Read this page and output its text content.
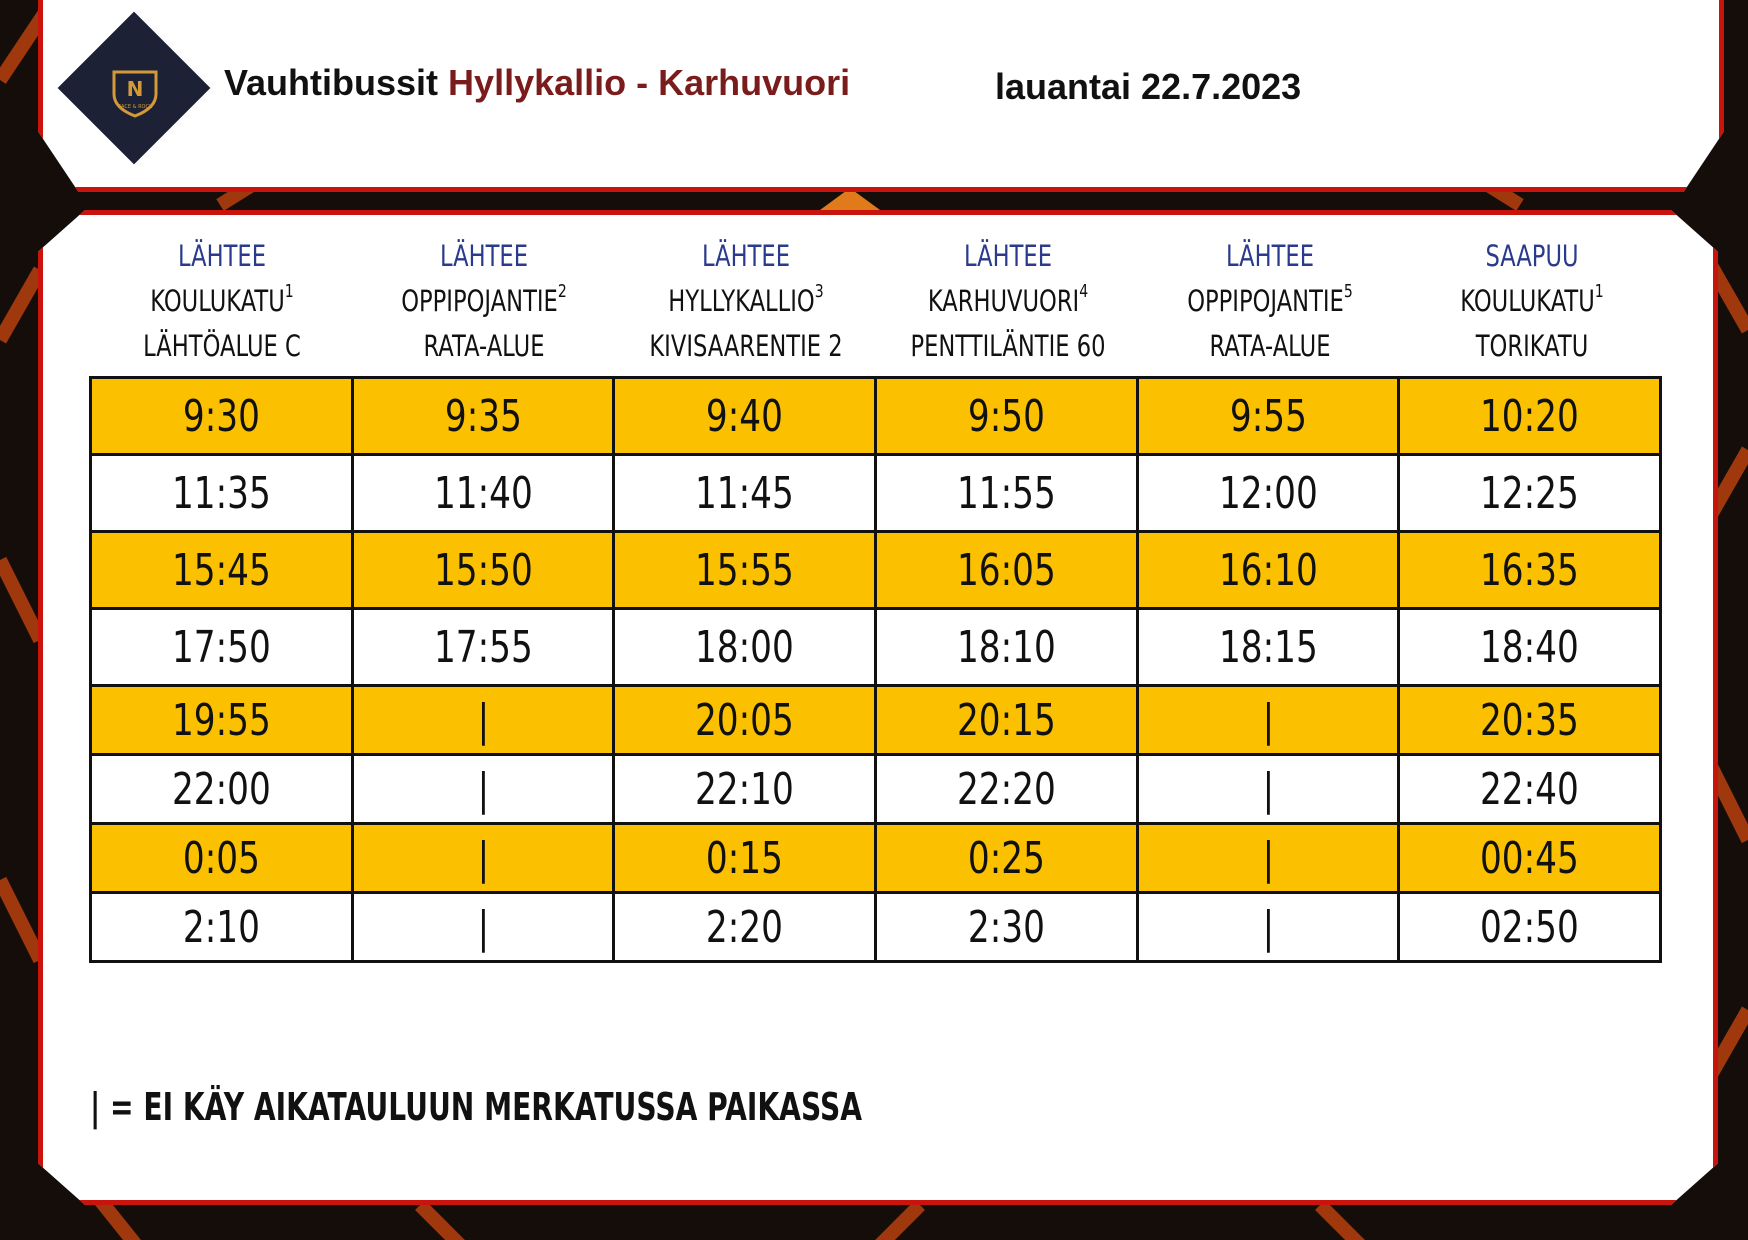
N
RACE & ROCK
Vauhtibussit Hyllykallio - Karhuvuori	lauantai 22.7.2023
LÄHTEE
KOULUKATU$^1$
LÄHTÖALUE C
LÄHTEE
OPPIPOJANTIE$^2$
RATA-ALUE
LÄHTEE
HYLLYKALLIO$^3$
KIVISAARENTIE 2
LÄHTEE
KARHUVUORI$^4$
PENTTILÄNTIE 60
LÄHTEE
OPPIPOJANTIE$^5$
RATA-ALUE
SAAPUU
KOULUKATU$^1$
TORIKATU
9:30	9:35	9:40	9:50	9:55	10:20
11:35	11:40	11:45	11:55	12:00	12:25
15:45	15:50	15:55	16:05	16:10	16:35
17:50	17:55	18:00	18:10	18:15	18:40
19:55	|	20:05	20:15	|	20:35
22:00	|	22:10	22:20	|	22:40
0:05	|	0:15	0:25	|	00:45
2:10	|	2:20	2:30	|	02:50
| = EI KÄY AIKATAULUUN MERKATUSSA PAIKASSA
